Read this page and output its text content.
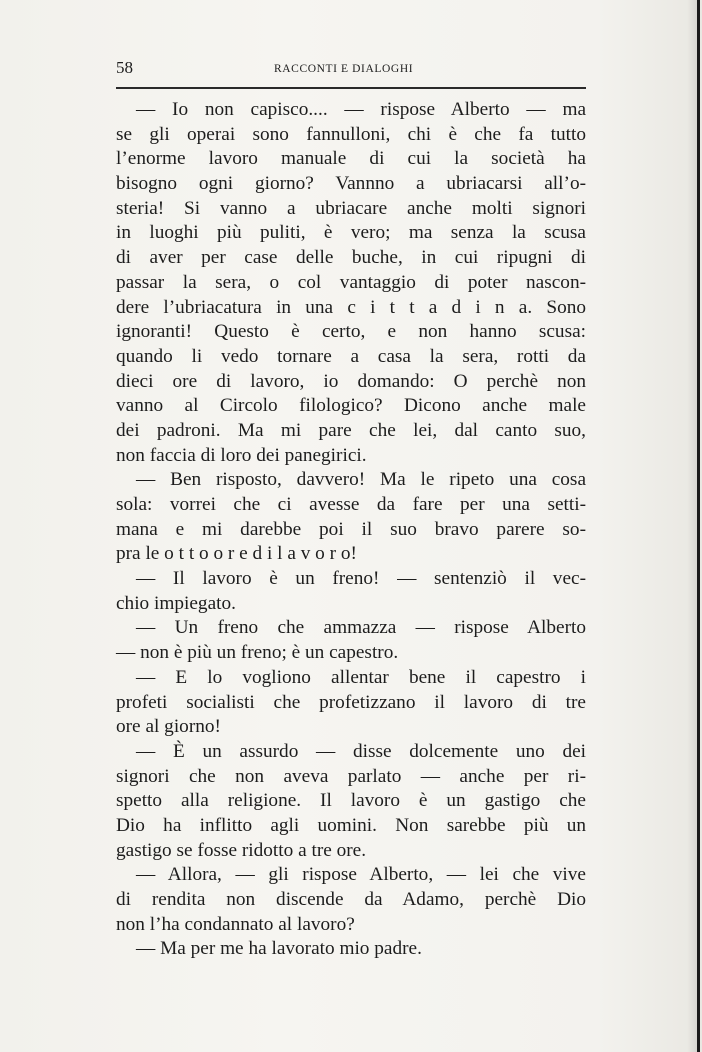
58	RACCONTI E DIALOGHI
— Io non capisco.... — rispose Alberto — ma
se gli operai sono fannulloni, chi è che fa tutto
l’enorme lavoro manuale di cui la società ha
bisogno ogni giorno? Vannno a ubriacarsi all’o-
steria! Si vanno a ubriacare anche molti signori
in luoghi più puliti, è vero; ma senza la scusa
di aver per case delle buche, in cui ripugni di
passar la sera, o col vantaggio di poter nascon-
dere l’ubriacatura in una c i t t a d i n a. Sono
ignoranti! Questo è certo, e non hanno scusa:
quando li vedo tornare a casa la sera, rotti da
dieci ore di lavoro, io domando: O perchè non
vanno al Circolo filologico? Dicono anche male
dei padroni. Ma mi pare che lei, dal canto suo,
non faccia di loro dei panegirici.
— Ben risposto, davvero! Ma le ripeto una cosa
sola: vorrei che ci avesse da fare per una setti-
mana e mi darebbe poi il suo bravo parere so-
pra le o t t o o r e d i l a v o r o!
— Il lavoro è un freno! — sentenziò il vec-
chio impiegato.
— Un freno che ammazza — rispose Alberto
— non è più un freno; è un capestro.
— E lo vogliono allentar bene il capestro i
profeti socialisti che profetizzano il lavoro di tre
ore al giorno!
— È un assurdo — disse dolcemente uno dei
signori che non aveva parlato — anche per ri-
spetto alla religione. Il lavoro è un gastigo che
Dio ha inflitto agli uomini. Non sarebbe più un
gastigo se fosse ridotto a tre ore.
— Allora, — gli rispose Alberto, — lei che vive
di rendita non discende da Adamo, perchè Dio
non l’ha condannato al lavoro?
— Ma per me ha lavorato mio padre.
